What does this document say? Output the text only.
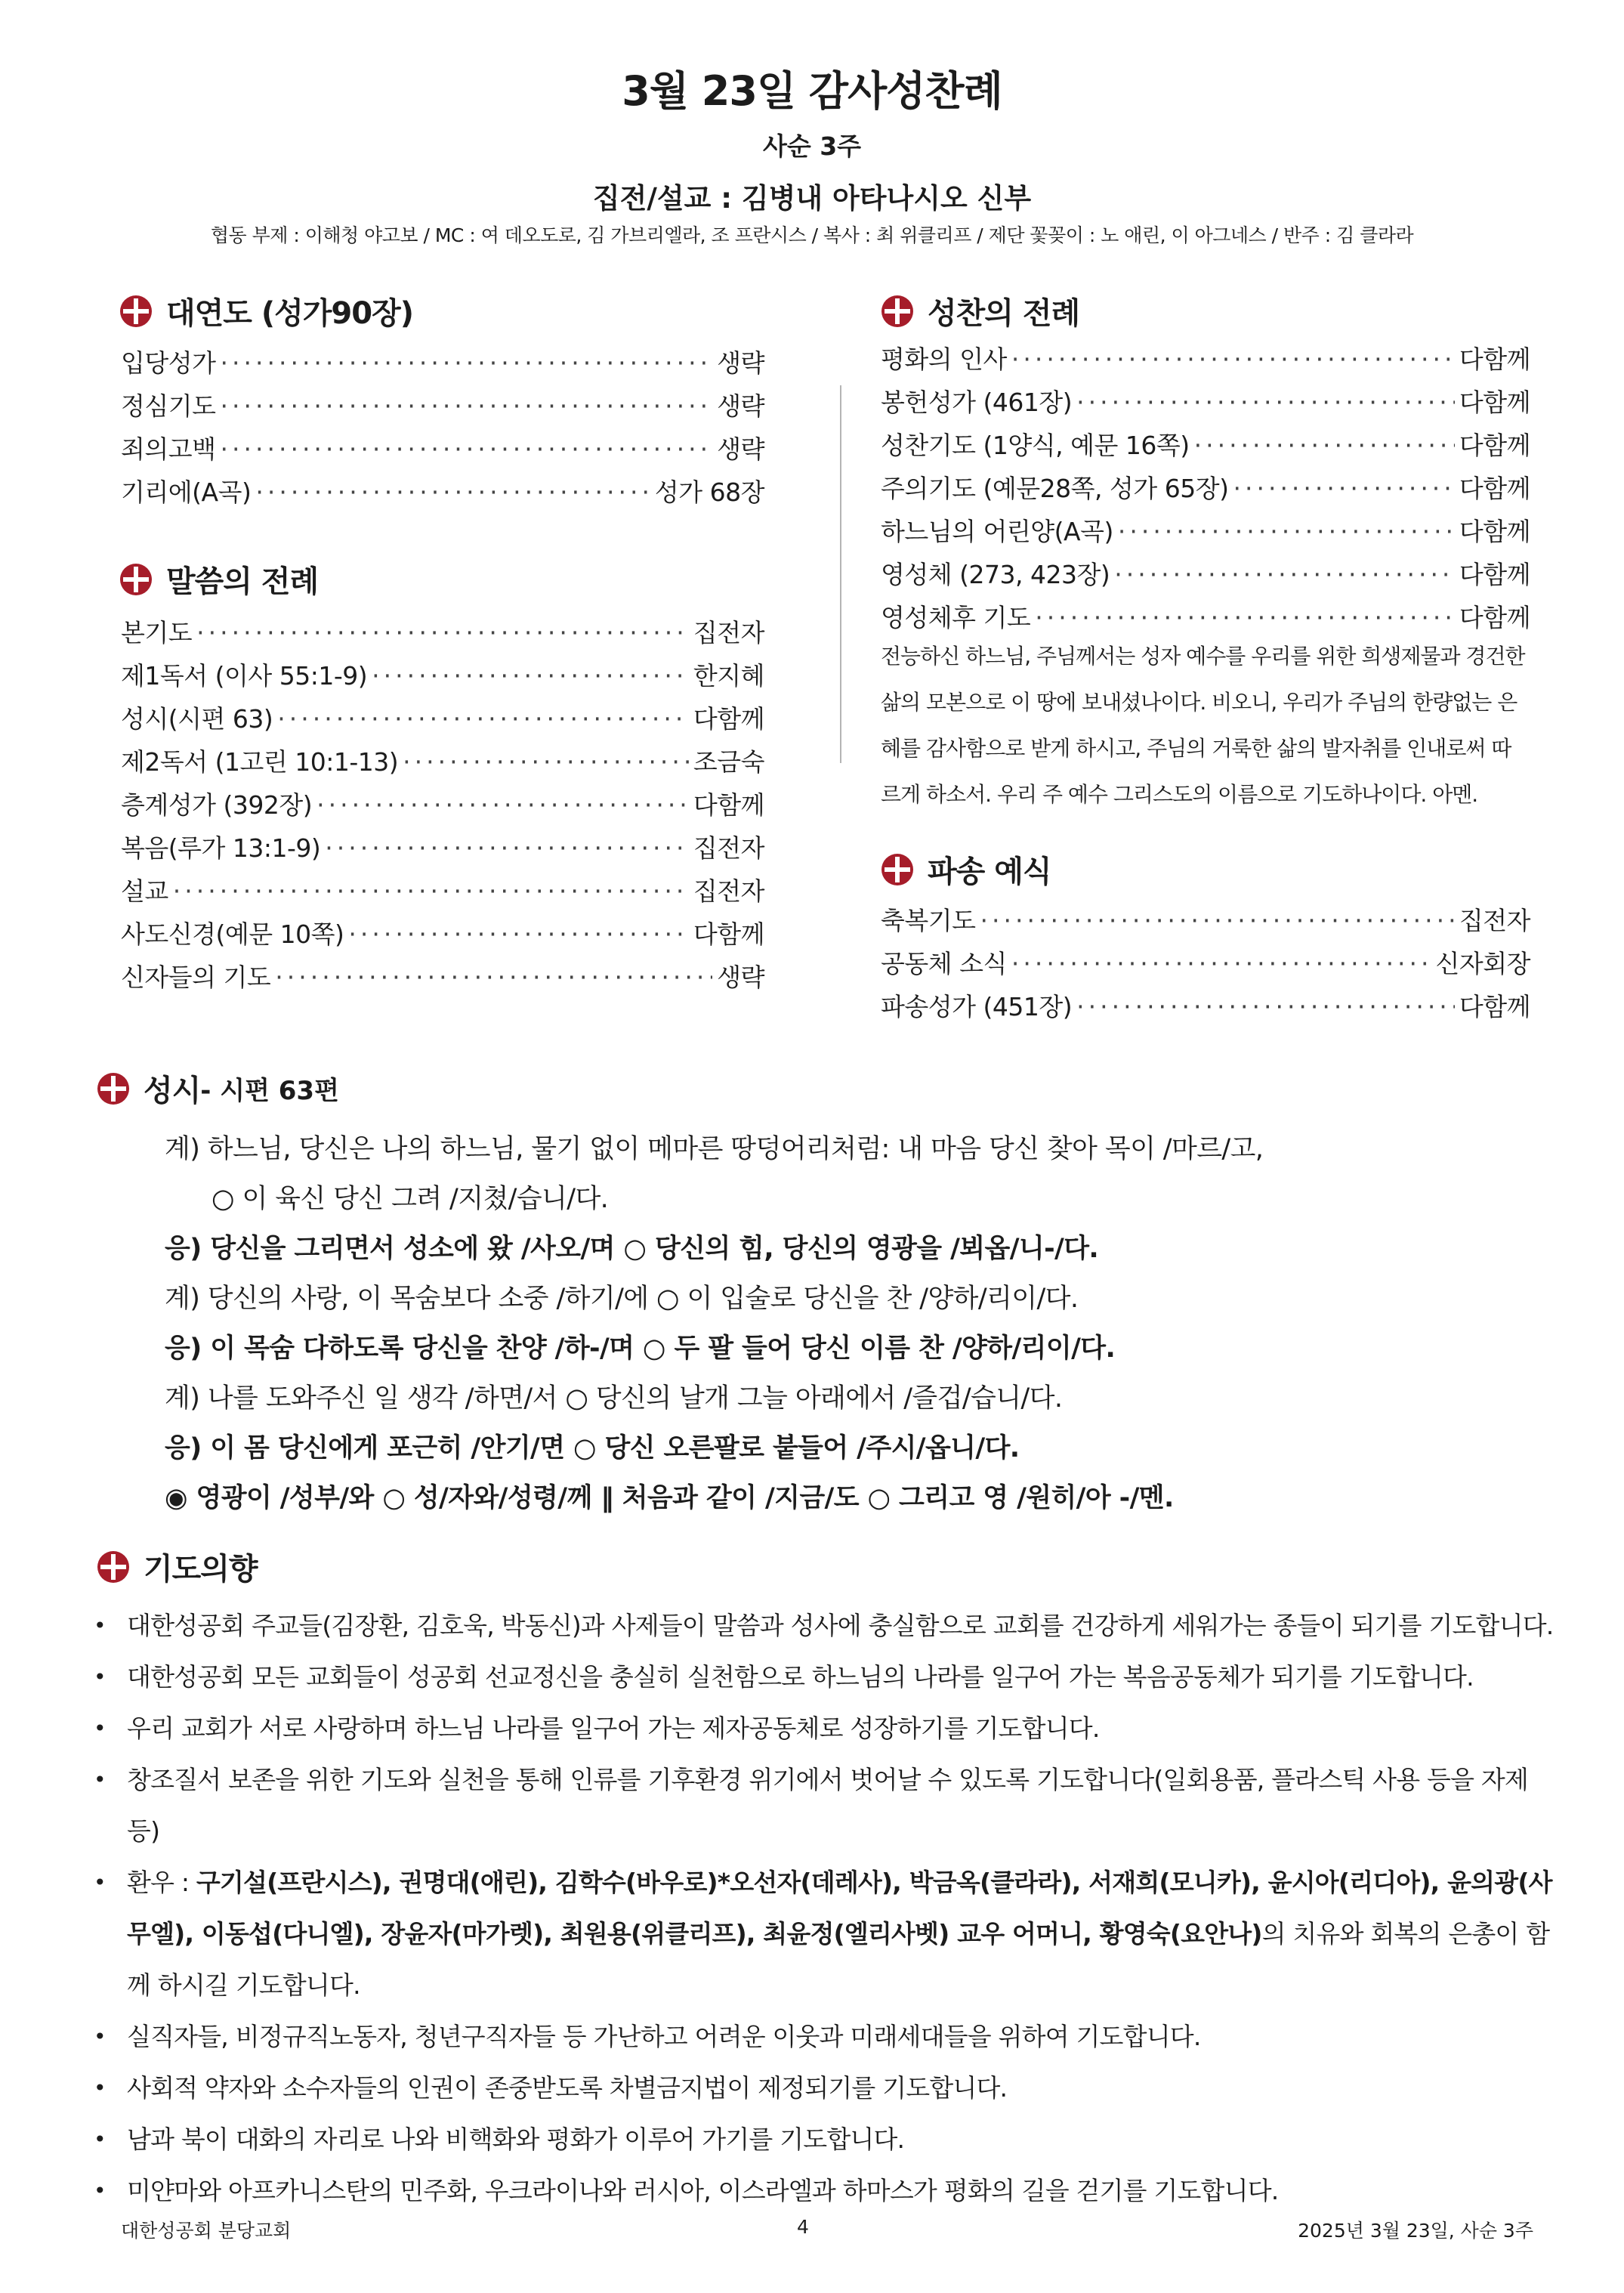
3월 23일 감사성찬례
사순 3주
집전/설교 : 김병내 아타나시오 신부
협동 부제 : 이해청 야고보 / MC : 여 데오도로, 김 가브리엘라, 조 프란시스 / 복사 : 최 위클리프 / 제단 꽃꽂이 : 노 애린, 이 아그네스 / 반주 : 김 클라라
대연도 (성가90장)
입당성가 ·····	생략
정심기도 ·····	생략
죄의고백 ·····	생략
기리에(A곡) ·····	성가 68장
말씀의 전례
본기도 ·····	집전자
제1독서 (이사 55:1-9) ·····	한지혜
성시(시편 63) ·····	다함께
제2독서 (1고린 10:1-13) ·····	조금숙
층계성가 (392장) ·····	다함께
복음(루가 13:1-9) ·····	집전자
설교 ·····	집전자
사도신경(예문 10쪽) ·····	다함께
신자들의 기도 ·····	생략
성찬의 전례
평화의 인사 ·····	다함께
봉헌성가 (461장) ·····	다함께
성찬기도 (1양식, 예문 16쪽) ·····	다함께
주의기도 (예문28쪽, 성가 65장) ·····	다함께
하느님의 어린양(A곡) ·····	다함께
영성체 (273, 423장) ·····	다함께
영성체후 기도 ·····	다함께
전능하신 하느님, 주님께서는 성자 예수를 우리를 위한 희생제물과 경건한 삶의 모본으로 이 땅에 보내셨나이다. 비오니, 우리가 주님의 한량없는 은혜를 감사함으로 받게 하시고, 주님의 거룩한 삶의 발자취를 인내로써 따르게 하소서. 우리 주 예수 그리스도의 이름으로 기도하나이다. 아멘.
파송 예식
축복기도 ·····	집전자
공동체 소식 ·····	신자회장
파송성가 (451장) ·····	다함께
성시 - 시편 63편
계) 하느님, 당신은 나의 하느님, 물기 없이 메마른 땅덩어리처럼: 내 마음 당신 찾아 목이 /마르/고,
○ 이 육신 당신 그려 /지쳤/습니/다.
응) 당신을 그리면서 성소에 왔 /사오/며 ○ 당신의 힘, 당신의 영광을 /뵈옵/니-/다.
계) 당신의 사랑, 이 목숨보다 소중 /하기/에 ○ 이 입술로 당신을 찬 /양하/리이/다.
응) 이 목숨 다하도록 당신을 찬양 /하-/며 ○ 두 팔 들어 당신 이름 찬 /양하/리이/다.
계) 나를 도와주신 일 생각 /하면/서 ○ 당신의 날개 그늘 아래에서 /즐겁/습니/다.
응) 이 몸 당신에게 포근히 /안기/면 ○ 당신 오른팔로 붙들어 /주시/옵니/다.
◉ 영광이 /성부/와 ○ 성/자와/성령/께 ‖ 처음과 같이 /지금/도 ○ 그리고 영 /원히/아 -/멘.
기도의향
• 대한성공회 주교들(김장환, 김호욱, 박동신)과 사제들이 말씀과 성사에 충실함으로 교회를 건강하게 세워가는 종들이 되기를 기도합니다.
• 대한성공회 모든 교회들이 성공회 선교정신을 충실히 실천함으로 하느님의 나라를 일구어 가는 복음공동체가 되기를 기도합니다.
• 우리 교회가 서로 사랑하며 하느님 나라를 일구어 가는 제자공동체로 성장하기를 기도합니다.
• 창조질서 보존을 위한 기도와 실천을 통해 인류를 기후환경 위기에서 벗어날 수 있도록 기도합니다(일회용품, 플라스틱 사용 등을 자제 등)
• 환우 : 구기설(프란시스), 권명대(애린), 김학수(바우로)*오선자(데레사), 박금옥(클라라), 서재희(모니카), 윤시아(리디아), 윤의광(사무엘), 이동섭(다니엘), 장윤자(마가렛), 최원용(위클리프), 최윤정(엘리사벳) 교우 어머니, 황영숙(요안나)의 치유와 회복의 은총이 함께 하시길 기도합니다.
• 실직자들, 비정규직노동자, 청년구직자들 등 가난하고 어려운 이웃과 미래세대들을 위하여 기도합니다.
• 사회적 약자와 소수자들의 인권이 존중받도록 차별금지법이 제정되기를 기도합니다.
• 남과 북이 대화의 자리로 나와 비핵화와 평화가 이루어 가기를 기도합니다.
• 미얀마와 아프카니스탄의 민주화, 우크라이나와 러시아, 이스라엘과 하마스가 평화의 길을 걷기를 기도합니다.
대한성공회 분당교회	4	2025년 3월 23일, 사순 3주
